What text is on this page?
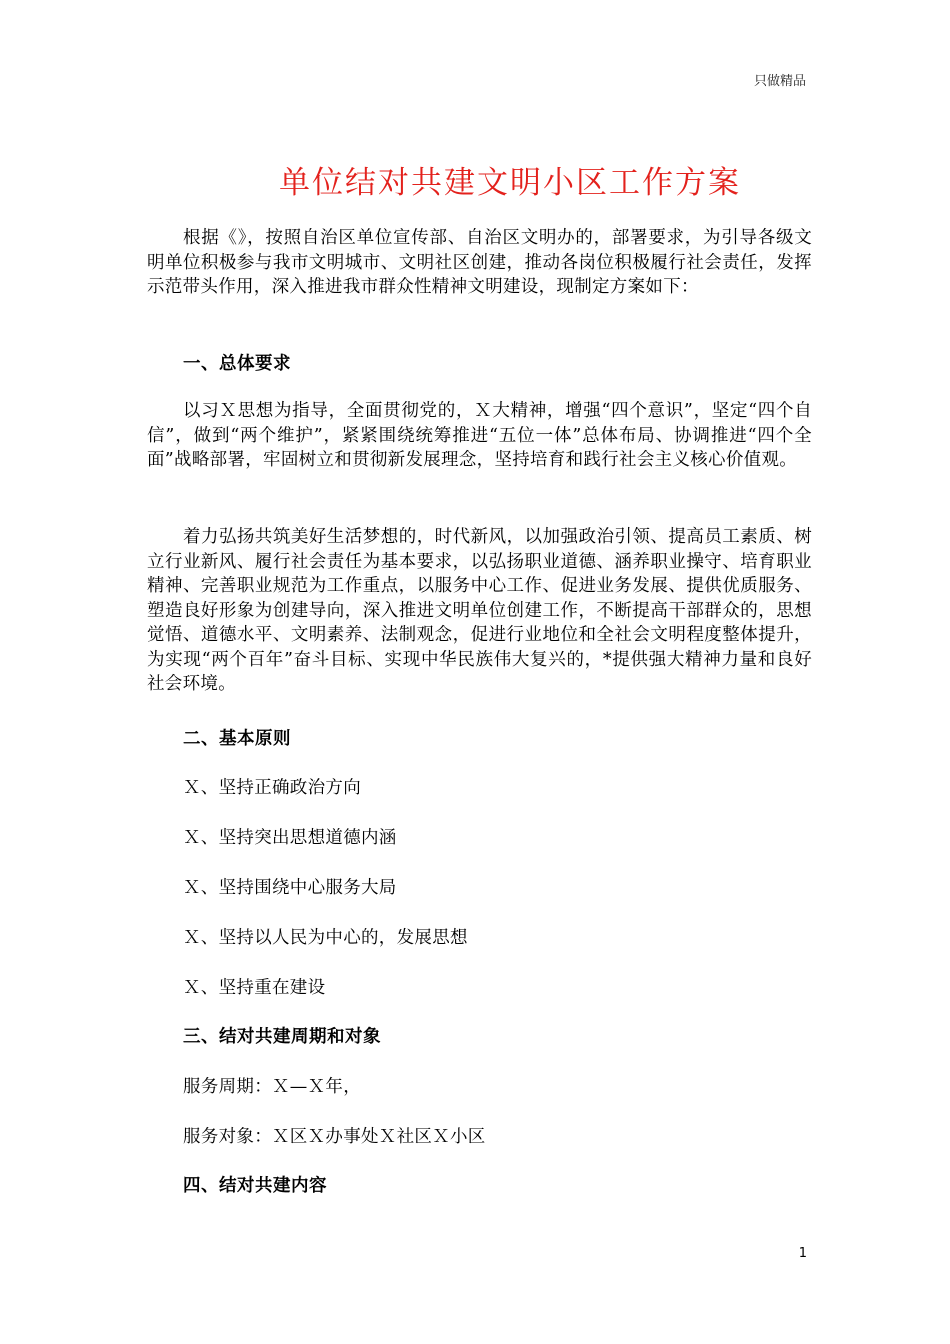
只做精品
单位结对共建文明小区工作方案

根据《》，按照自治区单位宣传部、自治区文明办的，部署要求，为引导各级文明单位积极参与我市文明城市、文明社区创建，推动各岗位积极履行社会责任，发挥示范带头作用，深入推进我市群众性精神文明建设，现制定方案如下：

一、总体要求

以习Ｘ思想为指导，全面贯彻党的，Ｘ大精神，增强“四个意识”，坚定“四个自信”，做到“两个维护”，紧紧围绕统筹推进“五位一体”总体布局、协调推进“四个全面”战略部署，牢固树立和贯彻新发展理念，坚持培育和践行社会主义核心价值观。

着力弘扬共筑美好生活梦想的，时代新风，以加强政治引领、提高员工素质、树立行业新风、履行社会责任为基本要求，以弘扬职业道德、涵养职业操守、培育职业精神、完善职业规范为工作重点，以服务中心工作、促进业务发展、提供优质服务、塑造良好形象为创建导向，深入推进文明单位创建工作，不断提高干部群众的，思想觉悟、道德水平、文明素养、法制观念，促进行业地位和全社会文明程度整体提升，为实现“两个百年”奋斗目标、实现中华民族伟大复兴的，*提供强大精神力量和良好社会环境。

二、基本原则
Ｘ、坚持正确政治方向
Ｘ、坚持突出思想道德内涵
Ｘ、坚持围绕中心服务大局
Ｘ、坚持以人民为中心的，发展思想
Ｘ、坚持重在建设
三、结对共建周期和对象
服务周期：Ｘ—Ｘ年，
服务对象：Ｘ区Ｘ办事处Ｘ社区Ｘ小区
四、结对共建内容
1
